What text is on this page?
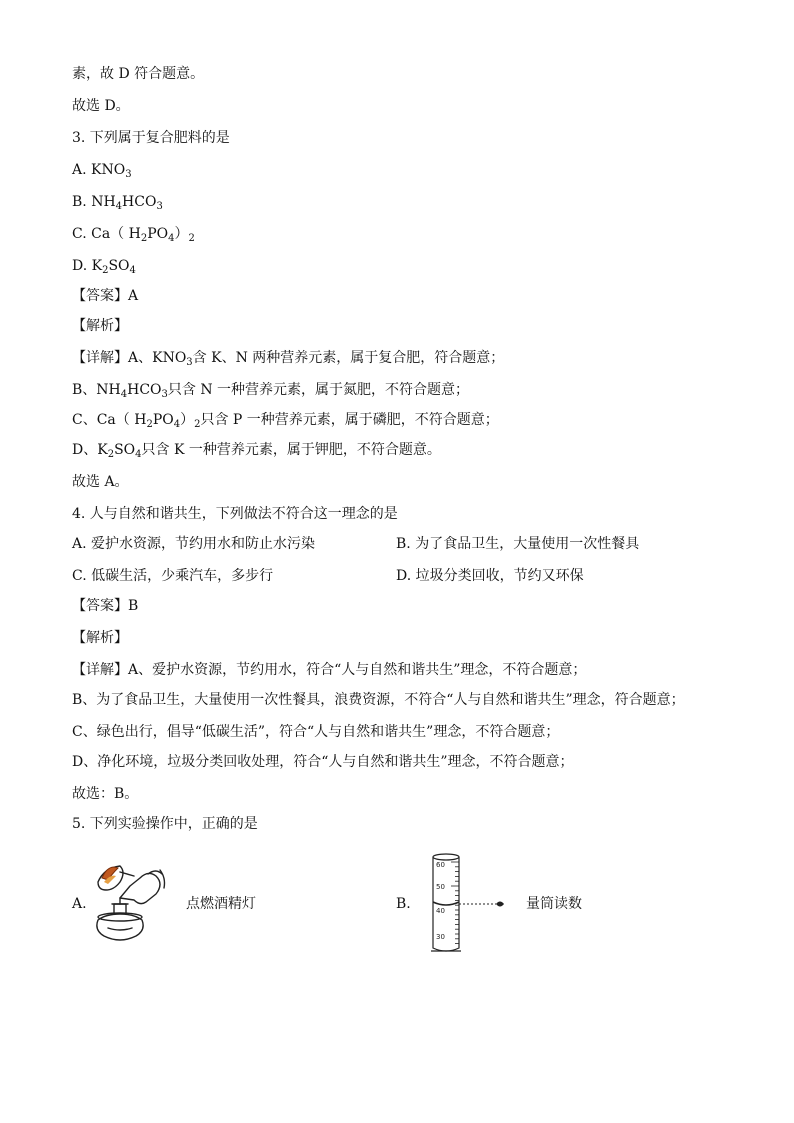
素，故 D 符合题意。
故选 D。
3. 下列属于复合肥料的是
A. $KNO_3$
B. $NH_4HCO_3$
C. Ca（ $H_2PO_4)_2$
D. $K_2SO_4$
【答案】A
【解析】
【详解】A、$KNO_3$含 K、N 两种营养元素，属于复合肥，符合题意；
B、$NH_4HCO_3$只含 N 一种营养元素，属于氮肥，不符合题意；
C、Ca（ $H_2PO_4)_2$只含 P 一种营养元素，属于磷肥，不符合题意；
D、$K_2SO_4$只含 K 一种营养元素，属于钾肥，不符合题意。
故选 A。
4. 人与自然和谐共生，下列做法不符合这一理念的是
A. 爱护水资源，节约用水和防止水污染	B. 为了食品卫生，大量使用一次性餐具
C. 低碳生活，少乘汽车，多步行	D. 垃圾分类回收，节约又环保
【答案】B
【解析】
【详解】A、爱护水资源，节约用水，符合“人与自然和谐共生”理念，不符合题意；
B、为了食品卫生，大量使用一次性餐具，浪费资源，不符合“人与自然和谐共生”理念，符合题意；
C、绿色出行，倡导“低碳生活”，符合“人与自然和谐共生”理念，不符合题意；
D、净化环境，垃圾分类回收处理，符合“人与自然和谐共生”理念，不符合题意；
故选：B。
5. 下列实验操作中，正确的是
A.	点燃酒精灯	B.
60
50
40
30
量筒读数
